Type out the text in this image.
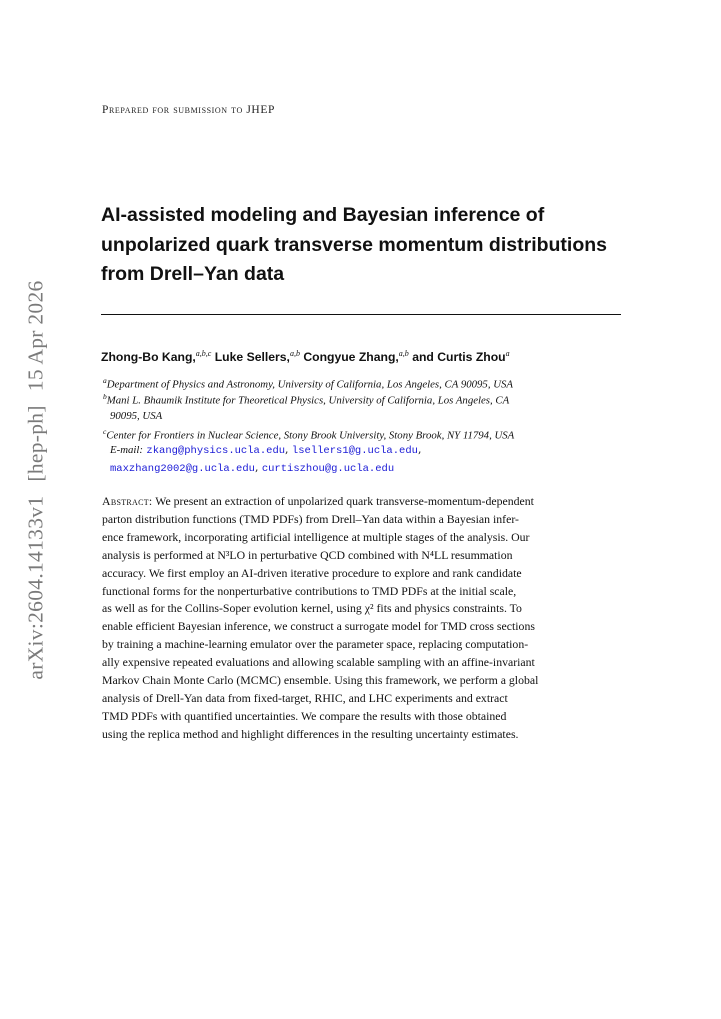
arXiv:2604.14133v1[hep-ph]15 Apr 2026
Prepared for submission to JHEP
AI-assisted modeling and Bayesian inference of
unpolarized quark transverse momentum distributions
from Drell–Yan data
Zhong-Bo Kang,$^{a,b,c}$ Luke Sellers,$^{a,b}$ Congyue Zhang,$^{a,b}$ and Curtis Zhou$^a$
$^a$Department of Physics and Astronomy, University of California, Los Angeles, CA 90095, USA
$^b$Mani L. Bhaumik Institute for Theoretical Physics, University of California, Los Angeles, CA
90095, USA
$^c$Center for Frontiers in Nuclear Science, Stony Brook University, Stony Brook, NY 11794, USA
E-mail: zkang@physics.ucla.edu, lsellers1@g.ucla.edu,
maxzhang2002@g.ucla.edu, curtiszhou@g.ucla.edu
Abstract: We present an extraction of unpolarized quark transverse-momentum-dependent
parton distribution functions (TMD PDFs) from Drell–Yan data within a Bayesian infer-
ence framework, incorporating artificial intelligence at multiple stages of the analysis. Our
analysis is performed at N³LO in perturbative QCD combined with N⁴LL resummation
accuracy. We first employ an AI-driven iterative procedure to explore and rank candidate
functional forms for the nonperturbative contributions to TMD PDFs at the initial scale,
as well as for the Collins-Soper evolution kernel, using χ² fits and physics constraints. To
enable efficient Bayesian inference, we construct a surrogate model for TMD cross sections
by training a machine-learning emulator over the parameter space, replacing computation-
ally expensive repeated evaluations and allowing scalable sampling with an affine-invariant
Markov Chain Monte Carlo (MCMC) ensemble. Using this framework, we perform a global
analysis of Drell-Yan data from fixed-target, RHIC, and LHC experiments and extract
TMD PDFs with quantified uncertainties. We compare the results with those obtained
using the replica method and highlight differences in the resulting uncertainty estimates.
